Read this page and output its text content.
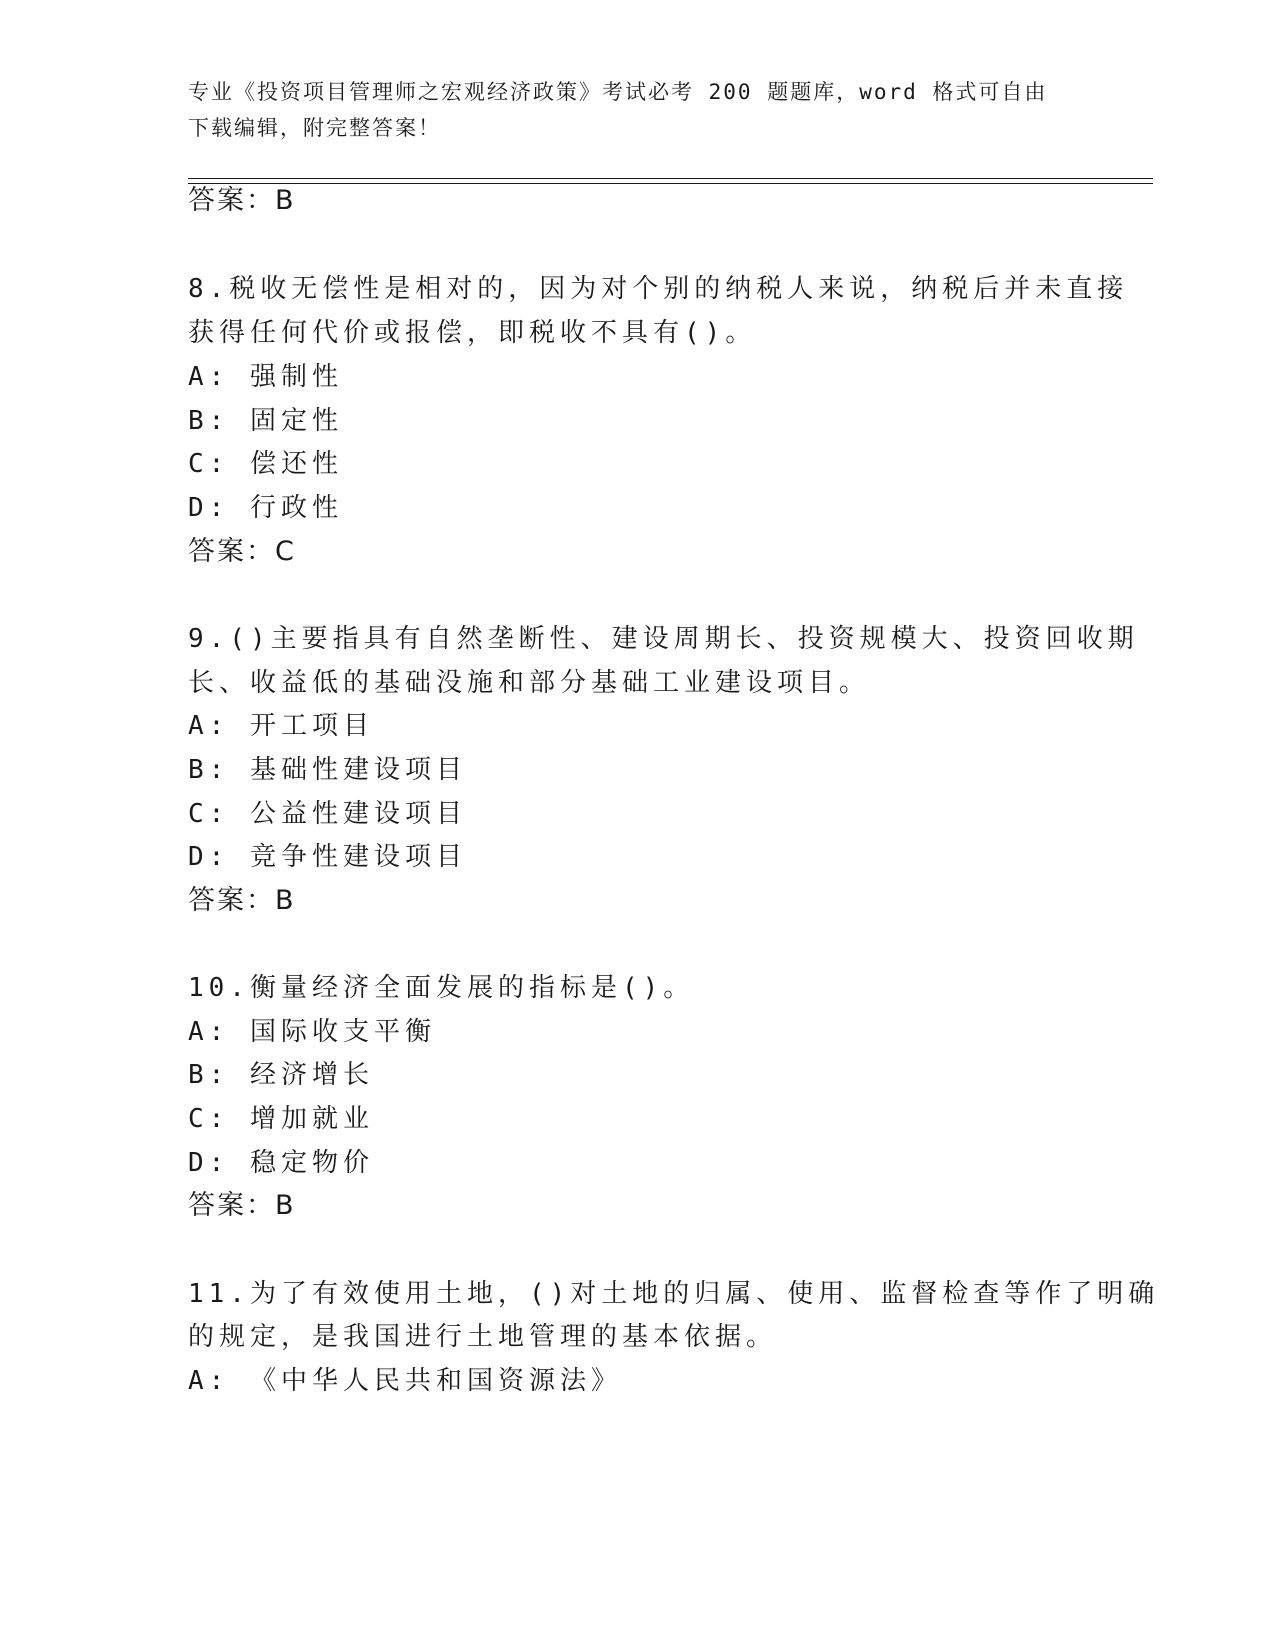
专业《投资项目管理师之宏观经济政策》考试必考 200 题题库，word 格式可自由
下载编辑，附完整答案！
答案：B
8.税收无偿性是相对的，因为对个别的纳税人来说，纳税后并未直接
获得任何代价或报偿，即税收不具有()。
A: 强制性
B: 固定性
C: 偿还性
D: 行政性
答案：C
9.()主要指具有自然垄断性、建设周期长、投资规模大、投资回收期
长、收益低的基础没施和部分基础工业建设项目。
A: 开工项目
B: 基础性建设项目
C: 公益性建设项目
D: 竞争性建设项目
答案：B
10.衡量经济全面发展的指标是()。
A: 国际收支平衡
B: 经济增长
C: 增加就业
D: 稳定物价
答案：B
11.为了有效使用土地，()对土地的归属、使用、监督检查等作了明确
的规定，是我国进行土地管理的基本依据。
A: 《中华人民共和国资源法》
